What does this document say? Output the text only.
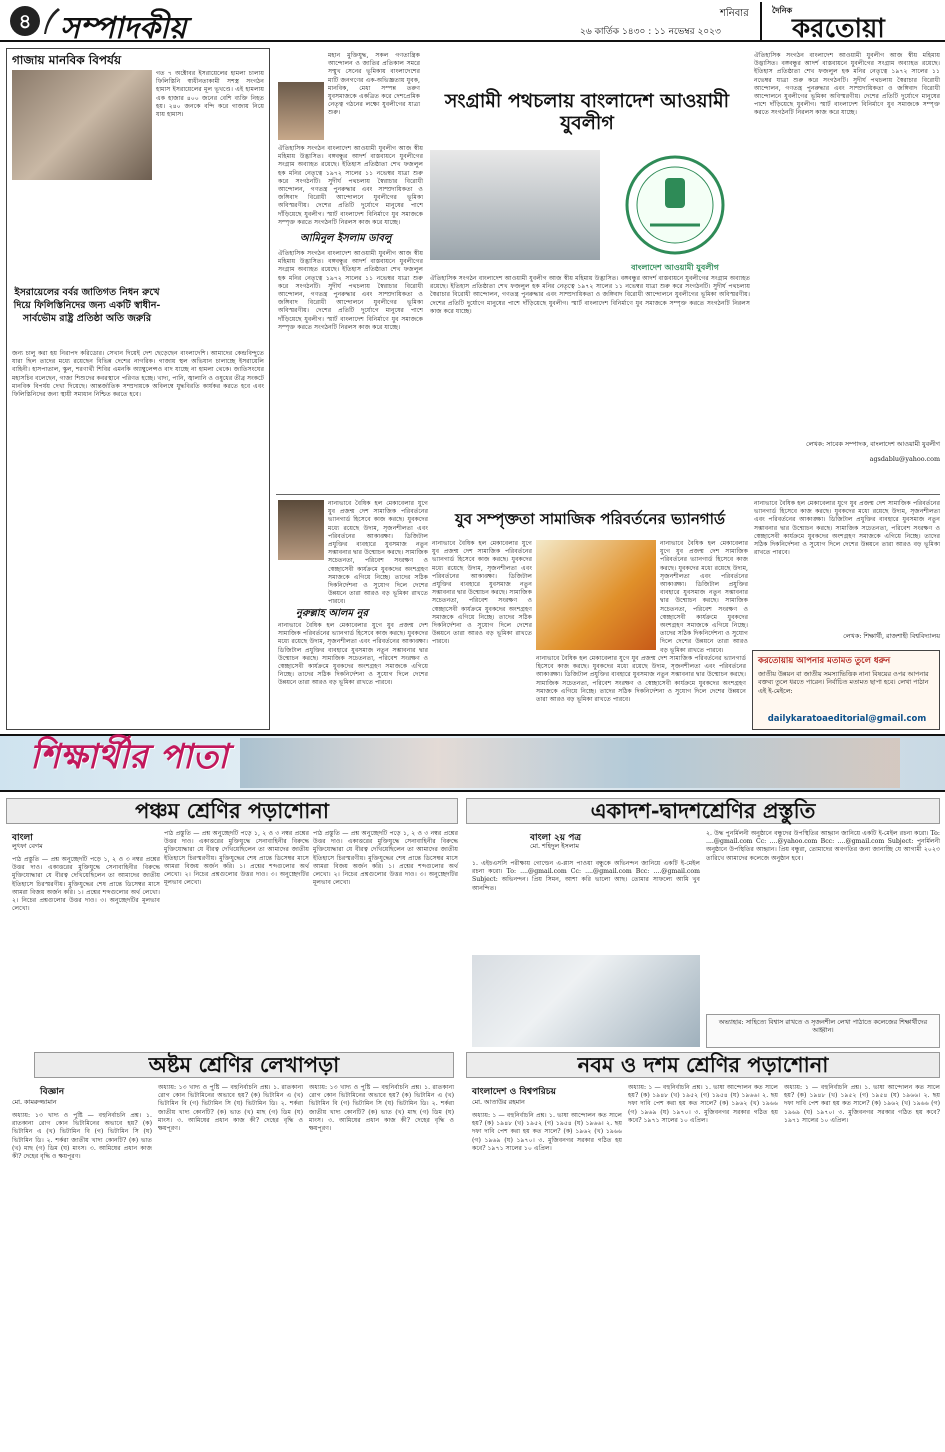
৪ সম্পাদকীয়	শনিবার
২৬ কার্তিক ১৪৩০ : ১১ নভেম্বর ২০২৩
দৈনিক
করতোয়া
গাজায় মানবিক বিপর্যয়
গত ৭ অক্টোবর ইসরায়েলের হামলা চালায় ফিলিস্তিনি স্বাধীনতাকামী সশস্ত্র সংগঠন হামাস ইসরায়েলের মূল ভূখণ্ডে। এই হামলায় এক হাজার ৪০০ জনের বেশি ব্যক্তি নিহত হয়। ২৪০ জনকে বন্দি করে গাজায় নিয়ে যায় হামাস।
ইসরায়েলের বর্বর জাতিগত নিধন রুখে দিয়ে ফিলিস্তিনিদের জন্য একটি স্বাধীন-সার্বভৌম রাষ্ট্র প্রতিষ্ঠা অতি জরুরি
জন্য চালু করা হয় নিরাপদ করিডোর। সেখান দিয়েই দেশ ছেড়েছেন বাংলাদেশি। আমাদের কেন্দ্রবিন্দুতে যারা ছিল তাদের মধ্যে রয়েছেন বিভিন্ন দেশের নাগরিক। গাজায় স্থল অভিযান চালাচ্ছে ইসরায়েলি বাহিনী। হাসপাতাল, স্কুল, শরণার্থী শিবির এমনকি অ্যাম্বুলেন্সও বাদ যাচ্ছে না হামলা থেকে। জাতিসংঘের মহাসচিব বলেছেন, গাজা শিশুদের কবরস্থানে পরিণত হচ্ছে। খাদ্য, পানি, জ্বালানি ও ওষুধের তীব্র সংকটে মানবিক বিপর্যয় দেখা দিয়েছে। আন্তর্জাতিক সম্প্রদায়কে অবিলম্বে যুদ্ধবিরতি কার্যকর করতে হবে এবং ফিলিস্তিনিদের জন্য স্থায়ী সমাধান নিশ্চিত করতে হবে।
মহান মুক্তিযুদ্ধ, সকল গণতান্ত্রিক আন্দোলন ও জাতির প্রতিকাল সমরে সম্মুখ সেনের ভূমিকায় বাংলাদেশের মাটি জনগণের এক-অভিজ্ঞতায় যুবক, মানবিক, মেধা সম্পন্ন তরুণ যুবসমাজকে একত্রিত করে দেশপ্রেমিক নেতৃত্ব গঠনের লক্ষ্যে যুবলীগের যাত্রা শুরু।
সংগ্রামী পথচলায় বাংলাদেশ আওয়ামী যুবলীগ
ঐতিহাসিক সংগঠন বাংলাদেশ আওয়ামী যুবলীগ আজ স্বীয় মহিমায় উদ্ভাসিত। বঙ্গবন্ধুর আদর্শ বাস্তবায়নে যুবলীগের সংগ্রাম অব্যাহত রয়েছে। ইতিহাস প্রতিষ্ঠাতা শেখ ফজলুল হক মনির নেতৃত্বে ১৯৭২ সালের ১১ নভেম্বর যাত্রা শুরু করে সংগঠনটি। সুদীর্ঘ পথচলায় স্বৈরাচার বিরোধী আন্দোলন, গণতন্ত্র পুনরুদ্ধার এবং সাম্প্রদায়িকতা ও জঙ্গিবাদ বিরোধী আন্দোলনে যুবলীগের ভূমিকা অবিস্মরণীয়। দেশের প্রতিটি দুর্যোগে মানুষের পাশে দাঁড়িয়েছে যুবলীগ। স্মার্ট বাংলাদেশ বিনির্মাণে যুব সমাজকে সম্পৃক্ত করতে সংগঠনটি নিরলস কাজ করে যাচ্ছে।
আমিনুল ইসলাম ডাবলু
ঐতিহাসিক সংগঠন বাংলাদেশ আওয়ামী যুবলীগ আজ স্বীয় মহিমায় উদ্ভাসিত। বঙ্গবন্ধুর আদর্শ বাস্তবায়নে যুবলীগের সংগ্রাম অব্যাহত রয়েছে। ইতিহাস প্রতিষ্ঠাতা শেখ ফজলুল হক মনির নেতৃত্বে ১৯৭২ সালের ১১ নভেম্বর যাত্রা শুরু করে সংগঠনটি। সুদীর্ঘ পথচলায় স্বৈরাচার বিরোধী আন্দোলন, গণতন্ত্র পুনরুদ্ধার এবং সাম্প্রদায়িকতা ও জঙ্গিবাদ বিরোধী আন্দোলনে যুবলীগের ভূমিকা অবিস্মরণীয়। দেশের প্রতিটি দুর্যোগে মানুষের পাশে দাঁড়িয়েছে যুবলীগ। স্মার্ট বাংলাদেশ বিনির্মাণে যুব সমাজকে সম্পৃক্ত করতে সংগঠনটি নিরলস কাজ করে যাচ্ছে।
বাংলাদেশ আওয়ামী যুবলীগ
ঐতিহাসিক সংগঠন বাংলাদেশ আওয়ামী যুবলীগ আজ স্বীয় মহিমায় উদ্ভাসিত। বঙ্গবন্ধুর আদর্শ বাস্তবায়নে যুবলীগের সংগ্রাম অব্যাহত রয়েছে। ইতিহাস প্রতিষ্ঠাতা শেখ ফজলুল হক মনির নেতৃত্বে ১৯৭২ সালের ১১ নভেম্বর যাত্রা শুরু করে সংগঠনটি। সুদীর্ঘ পথচলায় স্বৈরাচার বিরোধী আন্দোলন, গণতন্ত্র পুনরুদ্ধার এবং সাম্প্রদায়িকতা ও জঙ্গিবাদ বিরোধী আন্দোলনে যুবলীগের ভূমিকা অবিস্মরণীয়। দেশের প্রতিটি দুর্যোগে মানুষের পাশে দাঁড়িয়েছে যুবলীগ। স্মার্ট বাংলাদেশ বিনির্মাণে যুব সমাজকে সম্পৃক্ত করতে সংগঠনটি নিরলস কাজ করে যাচ্ছে।
ঐতিহাসিক সংগঠন বাংলাদেশ আওয়ামী যুবলীগ আজ স্বীয় মহিমায় উদ্ভাসিত। বঙ্গবন্ধুর আদর্শ বাস্তবায়নে যুবলীগের সংগ্রাম অব্যাহত রয়েছে। ইতিহাস প্রতিষ্ঠাতা শেখ ফজলুল হক মনির নেতৃত্বে ১৯৭২ সালের ১১ নভেম্বর যাত্রা শুরু করে সংগঠনটি। সুদীর্ঘ পথচলায় স্বৈরাচার বিরোধী আন্দোলন, গণতন্ত্র পুনরুদ্ধার এবং সাম্প্রদায়িকতা ও জঙ্গিবাদ বিরোধী আন্দোলনে যুবলীগের ভূমিকা অবিস্মরণীয়। দেশের প্রতিটি দুর্যোগে মানুষের পাশে দাঁড়িয়েছে যুবলীগ। স্মার্ট বাংলাদেশ বিনির্মাণে যুব সমাজকে সম্পৃক্ত করতে সংগঠনটি নিরলস কাজ করে যাচ্ছে।
লেখক: সাবেক সম্পাদক, বাংলাদেশ আওয়ামী যুবলীগ
agsdablu@yahoo.com
নানাভাবে বৈষিক হল মেকাবেলার যুগে যুব প্রজন্ম দেশ সামাজিক পরিবর্তনের ভ্যানগার্ড হিসেবে কাজ করছে। যুবকদের মধ্যে রয়েছে উদ্যম, সৃজনশীলতা এবং পরিবর্তনের আকাঙ্ক্ষা। ডিজিটাল প্রযুক্তির ব্যবহারে যুবসমাজ নতুন সম্ভাবনার দ্বার উন্মোচন করছে। সামাজিক সচেতনতা, পরিবেশ সংরক্ষণ ও স্বেচ্ছাসেবী কার্যক্রমে যুবকদের অংশগ্রহণ সমাজকে এগিয়ে নিচ্ছে। তাদের সঠিক দিকনির্দেশনা ও সুযোগ দিলে দেশের উন্নয়নে তারা আরও বড় ভূমিকা রাখতে পারবে।
যুব সম্পৃক্ততা সামাজিক পরিবর্তনের ভ্যানগার্ড
নুরুল্লাহ আলম নুর
নানাভাবে বৈষিক হল মেকাবেলার যুগে যুব প্রজন্ম দেশ সামাজিক পরিবর্তনের ভ্যানগার্ড হিসেবে কাজ করছে। যুবকদের মধ্যে রয়েছে উদ্যম, সৃজনশীলতা এবং পরিবর্তনের আকাঙ্ক্ষা। ডিজিটাল প্রযুক্তির ব্যবহারে যুবসমাজ নতুন সম্ভাবনার দ্বার উন্মোচন করছে। সামাজিক সচেতনতা, পরিবেশ সংরক্ষণ ও স্বেচ্ছাসেবী কার্যক্রমে যুবকদের অংশগ্রহণ সমাজকে এগিয়ে নিচ্ছে। তাদের সঠিক দিকনির্দেশনা ও সুযোগ দিলে দেশের উন্নয়নে তারা আরও বড় ভূমিকা রাখতে পারবে।
নানাভাবে বৈষিক হল মেকাবেলার যুগে যুব প্রজন্ম দেশ সামাজিক পরিবর্তনের ভ্যানগার্ড হিসেবে কাজ করছে। যুবকদের মধ্যে রয়েছে উদ্যম, সৃজনশীলতা এবং পরিবর্তনের আকাঙ্ক্ষা। ডিজিটাল প্রযুক্তির ব্যবহারে যুবসমাজ নতুন সম্ভাবনার দ্বার উন্মোচন করছে। সামাজিক সচেতনতা, পরিবেশ সংরক্ষণ ও স্বেচ্ছাসেবী কার্যক্রমে যুবকদের অংশগ্রহণ সমাজকে এগিয়ে নিচ্ছে। তাদের সঠিক দিকনির্দেশনা ও সুযোগ দিলে দেশের উন্নয়নে তারা আরও বড় ভূমিকা রাখতে পারবে।
নানাভাবে বৈষিক হল মেকাবেলার যুগে যুব প্রজন্ম দেশ সামাজিক পরিবর্তনের ভ্যানগার্ড হিসেবে কাজ করছে। যুবকদের মধ্যে রয়েছে উদ্যম, সৃজনশীলতা এবং পরিবর্তনের আকাঙ্ক্ষা। ডিজিটাল প্রযুক্তির ব্যবহারে যুবসমাজ নতুন সম্ভাবনার দ্বার উন্মোচন করছে। সামাজিক সচেতনতা, পরিবেশ সংরক্ষণ ও স্বেচ্ছাসেবী কার্যক্রমে যুবকদের অংশগ্রহণ সমাজকে এগিয়ে নিচ্ছে। তাদের সঠিক দিকনির্দেশনা ও সুযোগ দিলে দেশের উন্নয়নে তারা আরও বড় ভূমিকা রাখতে পারবে।
নানাভাবে বৈষিক হল মেকাবেলার যুগে যুব প্রজন্ম দেশ সামাজিক পরিবর্তনের ভ্যানগার্ড হিসেবে কাজ করছে। যুবকদের মধ্যে রয়েছে উদ্যম, সৃজনশীলতা এবং পরিবর্তনের আকাঙ্ক্ষা। ডিজিটাল প্রযুক্তির ব্যবহারে যুবসমাজ নতুন সম্ভাবনার দ্বার উন্মোচন করছে। সামাজিক সচেতনতা, পরিবেশ সংরক্ষণ ও স্বেচ্ছাসেবী কার্যক্রমে যুবকদের অংশগ্রহণ সমাজকে এগিয়ে নিচ্ছে। তাদের সঠিক দিকনির্দেশনা ও সুযোগ দিলে দেশের উন্নয়নে তারা আরও বড় ভূমিকা রাখতে পারবে।
নানাভাবে বৈষিক হল মেকাবেলার যুগে যুব প্রজন্ম দেশ সামাজিক পরিবর্তনের ভ্যানগার্ড হিসেবে কাজ করছে। যুবকদের মধ্যে রয়েছে উদ্যম, সৃজনশীলতা এবং পরিবর্তনের আকাঙ্ক্ষা। ডিজিটাল প্রযুক্তির ব্যবহারে যুবসমাজ নতুন সম্ভাবনার দ্বার উন্মোচন করছে। সামাজিক সচেতনতা, পরিবেশ সংরক্ষণ ও স্বেচ্ছাসেবী কার্যক্রমে যুবকদের অংশগ্রহণ সমাজকে এগিয়ে নিচ্ছে। তাদের সঠিক দিকনির্দেশনা ও সুযোগ দিলে দেশের উন্নয়নে তারা আরও বড় ভূমিকা রাখতে পারবে।
লেখক: শিক্ষার্থী, রাজশাহী বিশ্ববিদ্যালয়
করতোয়ায় আপনার মতামত তুলে ধরুন
জাতীয় উন্নয়ন বা জাতীয় সমস্যাভিত্তিক নানা বিষয়ের ওপর আপনার বক্তব্য তুলে ধরতে পারেন। নির্বাচিত মতামত ছাপা হবে। লেখা পাঠান এই ই-মেইলে:
dailykaratoaeditorial@gmail.com
শিক্ষার্থীর পাতা
পঞ্চম শ্রেণির পড়াশোনা
বাংলা
লুৎফা বেগম
পাঠ প্রস্তুতি — প্রশ্ন অনুচ্ছেদটি পড়ে ১, ২ ও ৩ নম্বর প্রশ্নের উত্তর দাও। একাত্তরের মুক্তিযুদ্ধে সেনাবাহিনীর বিরুদ্ধে মুক্তিযোদ্ধারা যে বীরত্ব দেখিয়েছিলেন তা আমাদের জাতীয় ইতিহাসে চিরস্মরণীয়। মুক্তিযুদ্ধের শেষ প্রান্তে ডিসেম্বর মাসে আমরা বিজয় অর্জন করি। ১। প্রশ্নের শব্দগুলোর অর্থ লেখো। ২। নিচের প্রশ্নগুলোর উত্তর দাও। ৩। অনুচ্ছেদটির মূলভাব লেখো।
পাঠ প্রস্তুতি — প্রশ্ন অনুচ্ছেদটি পড়ে ১, ২ ও ৩ নম্বর প্রশ্নের উত্তর দাও। একাত্তরের মুক্তিযুদ্ধে সেনাবাহিনীর বিরুদ্ধে মুক্তিযোদ্ধারা যে বীরত্ব দেখিয়েছিলেন তা আমাদের জাতীয় ইতিহাসে চিরস্মরণীয়। মুক্তিযুদ্ধের শেষ প্রান্তে ডিসেম্বর মাসে আমরা বিজয় অর্জন করি। ১। প্রশ্নের শব্দগুলোর অর্থ লেখো। ২। নিচের প্রশ্নগুলোর উত্তর দাও। ৩। অনুচ্ছেদটির মূলভাব লেখো।
পাঠ প্রস্তুতি — প্রশ্ন অনুচ্ছেদটি পড়ে ১, ২ ও ৩ নম্বর প্রশ্নের উত্তর দাও। একাত্তরের মুক্তিযুদ্ধে সেনাবাহিনীর বিরুদ্ধে মুক্তিযোদ্ধারা যে বীরত্ব দেখিয়েছিলেন তা আমাদের জাতীয় ইতিহাসে চিরস্মরণীয়। মুক্তিযুদ্ধের শেষ প্রান্তে ডিসেম্বর মাসে আমরা বিজয় অর্জন করি। ১। প্রশ্নের শব্দগুলোর অর্থ লেখো। ২। নিচের প্রশ্নগুলোর উত্তর দাও। ৩। অনুচ্ছেদটির মূলভাব লেখো।
একাদশ-দ্বাদশশ্রেণির প্রস্তুতি
বাংলা ২য় পত্র
মো. শহিদুল ইসলাম
১. এইচএসসি পরীক্ষায় গোল্ডেন এ-প্লাস পাওয়া বন্ধুকে অভিনন্দন জানিয়ে একটি ই-মেইল রচনা করো। To: ....@gmail.com Cc: ....@gmail.com Bcc: ....@gmail.com Subject: অভিনন্দন। প্রিয় সিমন, আশা করি ভালো আছ। তোমার সাফল্যে আমি খুব আনন্দিত।
২. উদ্ধ পুনর্মিলনী অনুষ্ঠানে বন্ধুদের উপস্থিতির আহ্বান জানিয়ে একটি ই-মেইল রচনা করো। To: ....@gmail.com Cc: ....@yahoo.com Bcc: ....@gmail.com Subject: পুনর্মিলনী অনুষ্ঠানে উপস্থিতির আহ্বান। প্রিয় বন্ধুরা, তোমাদের অবগতির জন্য জানাচ্ছি যে আগামী ২০২৩ তারিখে আমাদের কলেজে অনুষ্ঠান হবে।
অভ্যাহার: সাহিত্যে বিশ্বাস রাখতে ও সৃজনশীল লেখা পাঠাতে কলেজের শিক্ষার্থীদের আহ্বান।
অষ্টম শ্রেণির লেখাপড়া
বিজ্ঞান
মো. কামরুজ্জামান
অধ্যায়: ১৩ খাদ্য ও পুষ্টি — বহুনির্বাচনি প্রশ্ন। ১. রাতকানা রোগ কোন ভিটামিনের অভাবে হয়? (ক) ভিটামিন এ (খ) ভিটামিন বি (গ) ভিটামিন সি (ঘ) ভিটামিন ডি। ২. শর্করা জাতীয় খাদ্য কোনটি? (ক) ভাত (খ) মাছ (গ) ডিম (ঘ) মাংস। ৩. আমিষের প্রধান কাজ কী? দেহের বৃদ্ধি ও ক্ষয়পূরণ।
অধ্যায়: ১৩ খাদ্য ও পুষ্টি — বহুনির্বাচনি প্রশ্ন। ১. রাতকানা রোগ কোন ভিটামিনের অভাবে হয়? (ক) ভিটামিন এ (খ) ভিটামিন বি (গ) ভিটামিন সি (ঘ) ভিটামিন ডি। ২. শর্করা জাতীয় খাদ্য কোনটি? (ক) ভাত (খ) মাছ (গ) ডিম (ঘ) মাংস। ৩. আমিষের প্রধান কাজ কী? দেহের বৃদ্ধি ও ক্ষয়পূরণ।
অধ্যায়: ১৩ খাদ্য ও পুষ্টি — বহুনির্বাচনি প্রশ্ন। ১. রাতকানা রোগ কোন ভিটামিনের অভাবে হয়? (ক) ভিটামিন এ (খ) ভিটামিন বি (গ) ভিটামিন সি (ঘ) ভিটামিন ডি। ২. শর্করা জাতীয় খাদ্য কোনটি? (ক) ভাত (খ) মাছ (গ) ডিম (ঘ) মাংস। ৩. আমিষের প্রধান কাজ কী? দেহের বৃদ্ধি ও ক্ষয়পূরণ।
নবম ও দশম শ্রেণির পড়াশোনা
বাংলাদেশ ও বিশ্বপরিচয়
মো. আতাউর রহমান
অধ্যায়: ১ — বহুনির্বাচনি প্রশ্ন। ১. ভাষা আন্দোলন কত সালে হয়? (ক) ১৯৪৮ (খ) ১৯৫২ (গ) ১৯৫৪ (ঘ) ১৯৬৬। ২. ছয় দফা দাবি পেশ করা হয় কত সালে? (ক) ১৯৬২ (খ) ১৯৬৬ (গ) ১৯৬৯ (ঘ) ১৯৭০। ৩. মুজিবনগর সরকার গঠিত হয় কবে? ১৯৭১ সালের ১০ এপ্রিল।
অধ্যায়: ১ — বহুনির্বাচনি প্রশ্ন। ১. ভাষা আন্দোলন কত সালে হয়? (ক) ১৯৪৮ (খ) ১৯৫২ (গ) ১৯৫৪ (ঘ) ১৯৬৬। ২. ছয় দফা দাবি পেশ করা হয় কত সালে? (ক) ১৯৬২ (খ) ১৯৬৬ (গ) ১৯৬৯ (ঘ) ১৯৭০। ৩. মুজিবনগর সরকার গঠিত হয় কবে? ১৯৭১ সালের ১০ এপ্রিল।
অধ্যায়: ১ — বহুনির্বাচনি প্রশ্ন। ১. ভাষা আন্দোলন কত সালে হয়? (ক) ১৯৪৮ (খ) ১৯৫২ (গ) ১৯৫৪ (ঘ) ১৯৬৬। ২. ছয় দফা দাবি পেশ করা হয় কত সালে? (ক) ১৯৬২ (খ) ১৯৬৬ (গ) ১৯৬৯ (ঘ) ১৯৭০। ৩. মুজিবনগর সরকার গঠিত হয় কবে? ১৯৭১ সালের ১০ এপ্রিল।
